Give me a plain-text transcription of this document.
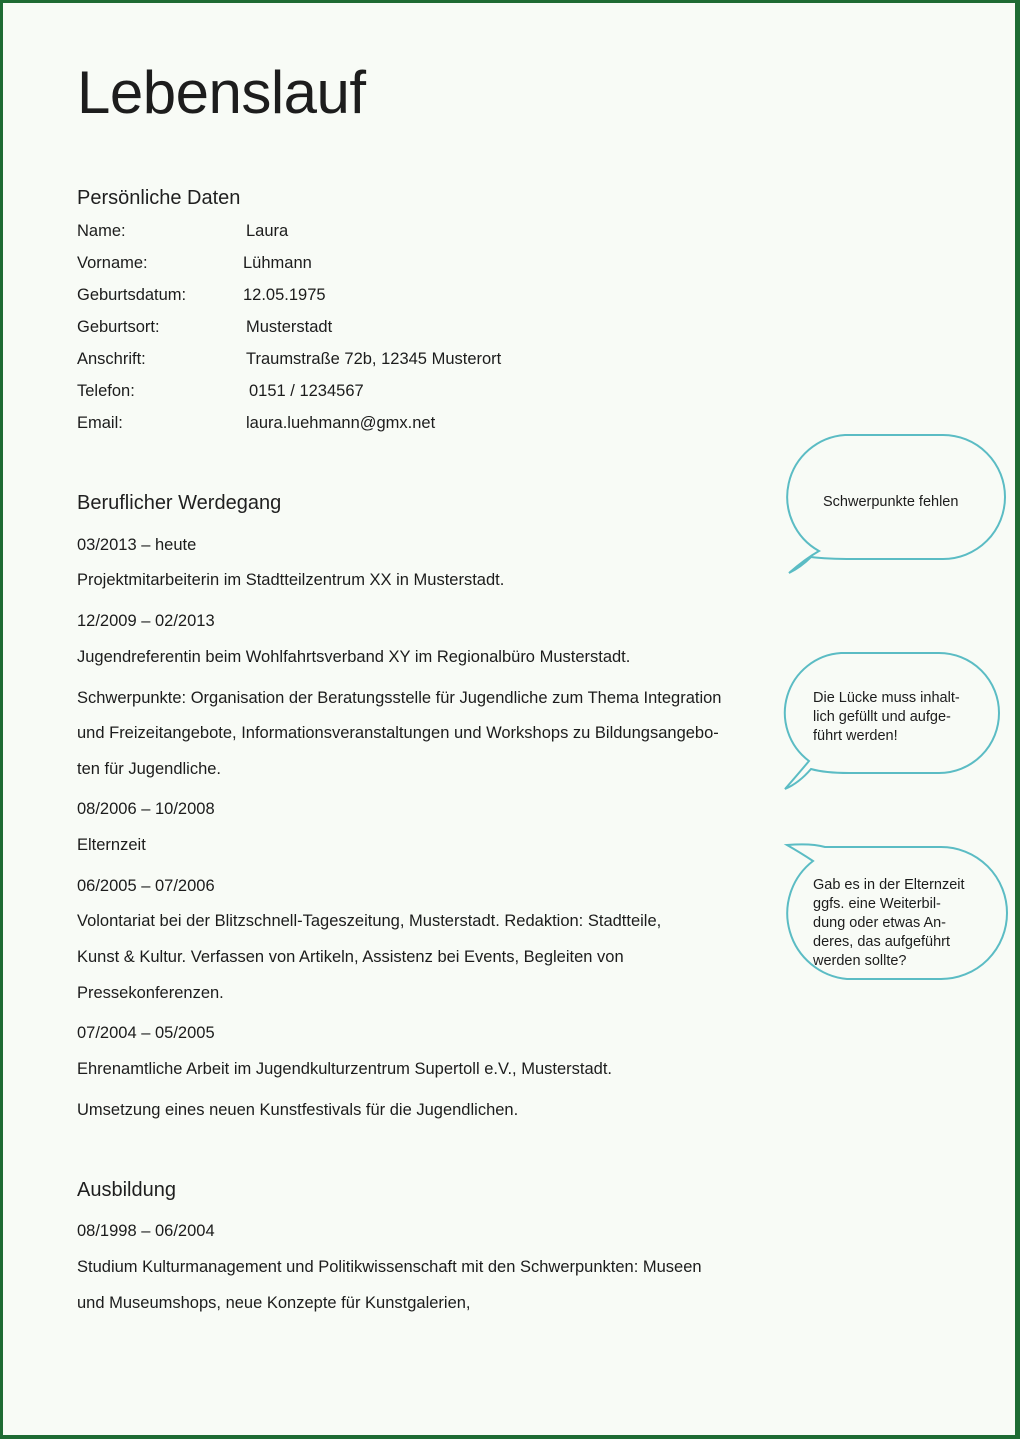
Lebenslauf
Persönliche Daten
Name:	Laura
Vorname:	Lühmann
Geburtsdatum:	12.05.1975
Geburtsort:	Musterstadt
Anschrift:	Traumstraße 72b, 12345 Musterort
Telefon:	0151 / 1234567
Email:	laura.luehmann@gmx.net
Beruflicher Werdegang
03/2013 – heute
Projektmitarbeiterin im Stadtteilzentrum XX in Musterstadt.
12/2009 – 02/2013
Jugendreferentin beim Wohlfahrtsverband XY im Regionalbüro Musterstadt.
Schwerpunkte: Organisation der Beratungsstelle für Jugendliche zum Thema Integration
und Freizeitangebote, Informationsveranstaltungen und Workshops zu Bildungsangebo-
ten für Jugendliche.
08/2006 – 10/2008
Elternzeit
06/2005 – 07/2006
Volontariat bei der Blitzschnell-Tageszeitung, Musterstadt. Redaktion: Stadtteile,
Kunst & Kultur. Verfassen von Artikeln, Assistenz bei Events, Begleiten von
Pressekonferenzen.
07/2004 – 05/2005
Ehrenamtliche Arbeit im Jugendkulturzentrum Supertoll e.V., Musterstadt.
Umsetzung eines neuen Kunstfestivals für die Jugendlichen.
Ausbildung
08/1998 – 06/2004
Studium Kulturmanagement und Politikwissenschaft mit den Schwerpunkten: Museen
und Museumshops, neue Konzepte für Kunstgalerien,
Schwerpunkte fehlen
Die Lücke muss inhalt-
lich gefüllt und aufge-
führt werden!
Gab es in der Elternzeit
ggfs. eine Weiterbil-
dung oder etwas An-
deres, das aufgeführt
werden sollte?
